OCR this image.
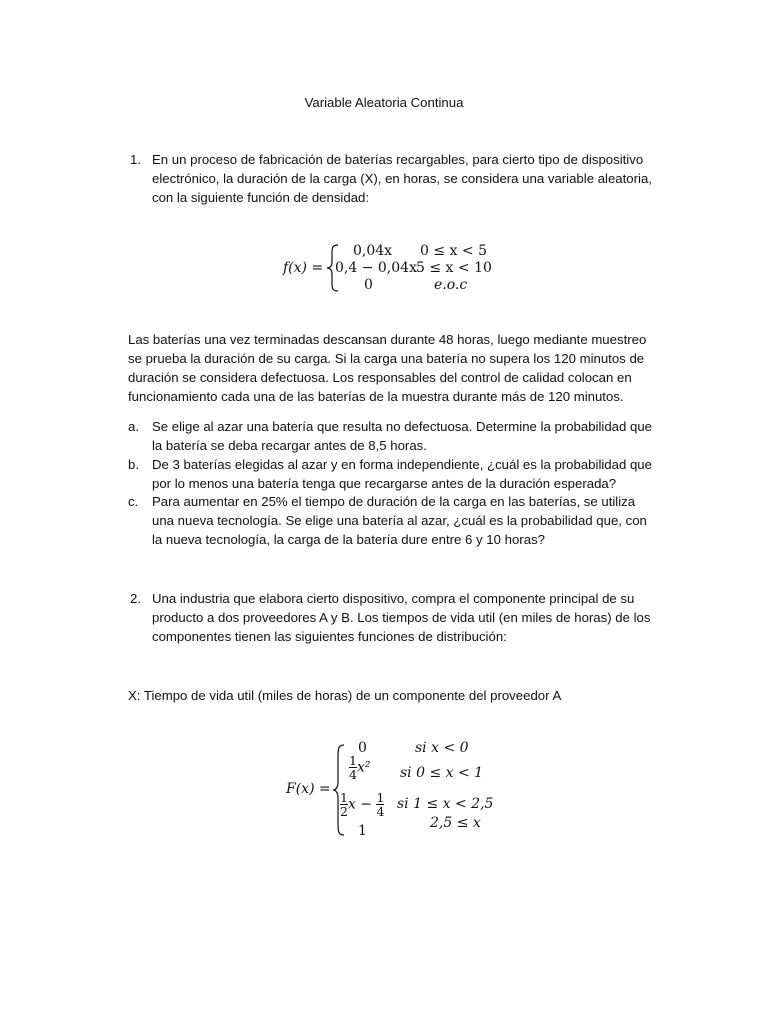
Variable Aleatoria Continua
1. En un proceso de fabricación de baterías recargables, para cierto tipo de dispositivo electrónico, la duración de la carga (X), en horas, se considera una variable aleatoria, con la siguiente función de densidad:
f(x) =
0,04x 0 ≤ x < 5
0,4 − 0,04x 5 ≤ x < 10
0	e.o.c
Las baterías una vez terminadas descansan durante 48 horas, luego mediante muestreo se prueba la duración de su carga. Si la carga una batería no supera los 120 minutos de duración se considera defectuosa. Los responsables del control de calidad colocan en funcionamiento cada una de las baterías de la muestra durante más de 120 minutos.
a. Se elige al azar una batería que resulta no defectuosa. Determine la probabilidad que la batería se deba recargar antes de 8,5 horas.
b. De 3 baterías elegidas al azar y en forma independiente, ¿cuál es la probabilidad que por lo menos una batería tenga que recargarse antes de la duración esperada?
c. Para aumentar en 25% el tiempo de duración de la carga en las baterías, se utiliza una nueva tecnología. Se elige una batería al azar, ¿cuál es la probabilidad que, con la nueva tecnología, la carga de la batería dure entre 6 y 10 horas?
2. Una industria que elabora cierto dispositivo, compra el componente principal de su producto a dos proveedores A y B. Los tiempos de vida util (en miles de horas) de los componentes tienen las siguientes funciones de distribución:
X: Tiempo de vida util (miles de horas) de un componente del proveedor A
F(x) =
0	si x < 0
$\frac{1}{4} x^2$ si 0 ≤ x < 1
$\frac{1}{2}$ $x - \frac{1}{4}$ si 1 ≤ x < 2,5
2,5 ≤ x
1
